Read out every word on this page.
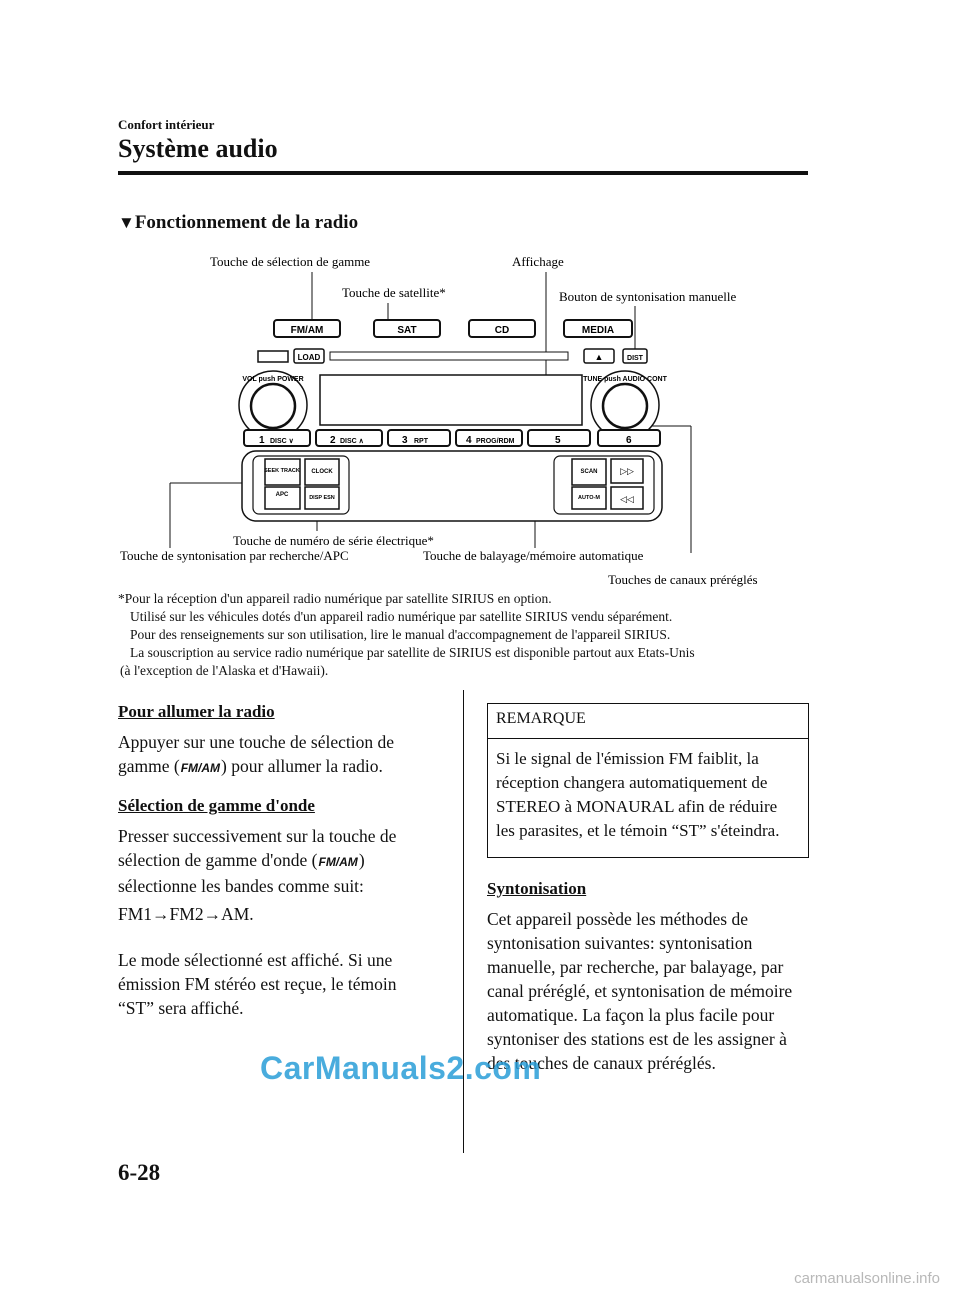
Confort intérieur
Système audio
▼Fonctionnement de la radio
Touche de sélection de gamme
Touche de satellite*
Affichage
Bouton de syntonisation manuelle
Touche de numéro de série électrique*
Touche de syntonisation par recherche/APC	Touche de balayage/mémoire automatique
Touches de canaux préréglés
FM/AM	SAT	CD	MEDIA
LOAD	▲	DIST
VOL push POWER	TUNE push AUDIO CONT
1 DISC ∨	2 DISC ∧	3 RPT	4 PROG/RDM	5	6
SEEK TRACK
APC
CLOCK
DISP ESN
SCAN
AUTO-M
▷▷
◁◁
*Pour la réception d'un appareil radio numérique par satellite SIRIUS en option.
Utilisé sur les véhicules dotés d'un appareil radio numérique par satellite SIRIUS vendu séparément.
Pour des renseignements sur son utilisation, lire le manual d'accompagnement de l'appareil SIRIUS.
La souscription au service radio numérique par satellite de SIRIUS est disponible partout aux Etats-Unis
(à l'exception de l'Alaska et d'Hawaii).
Pour allumer la radio

Appuyer sur une touche de sélection de gamme (FM/AM) pour allumer la radio.

Sélection de gamme d'onde

Presser successivement sur la touche de sélection de gamme d'onde (FM/AM) sélectionne les bandes comme suit:

FM1→FM2→AM.

Le mode sélectionné est affiché. Si une émission FM stéréo est reçue, le témoin “ST” sera affiché.

REMARQUE
Si le signal de l'émission FM faiblit, la réception changera automatiquement de STEREO à MONAURAL afin de réduire les parasites, et le témoin “ST” s'éteindra.
Syntonisation

Cet appareil possède les méthodes de syntonisation suivantes: syntonisation manuelle, par recherche, par balayage, par canal préréglé, et syntonisation de mémoire automatique. La façon la plus facile pour syntoniser des stations est de les assigner à des touches de canaux préréglés.

CarManuals2.com
carmanualsonline.info
6-28
